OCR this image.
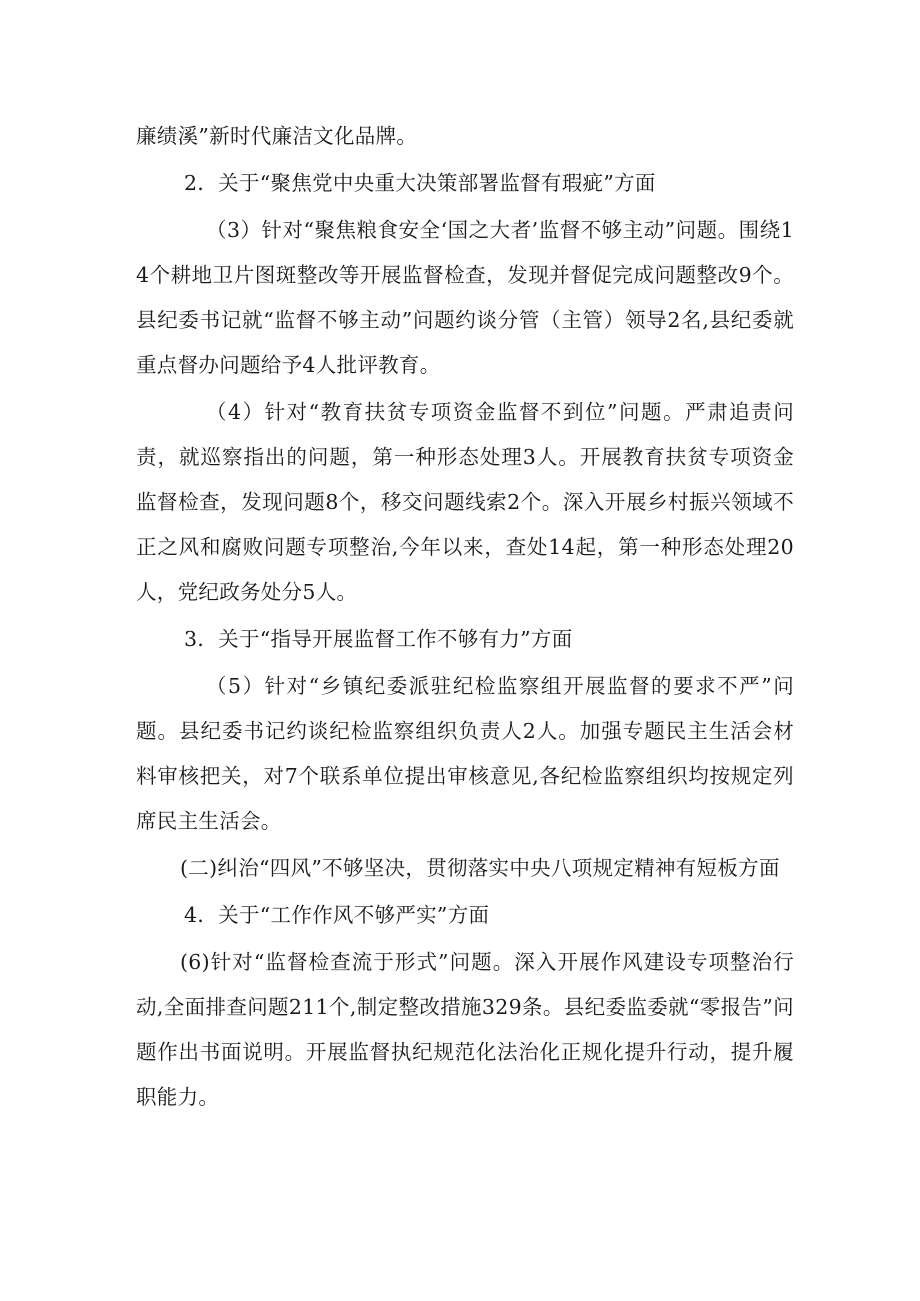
廉绩溪”新时代廉洁文化品牌。

2．关于“聚焦党中央重大决策部署监督有瑕疵”方面

（3）针对“聚焦粮食安全‘国之大者’监督不够主动”问题。围绕14个耕地卫片图斑整改等开展监督检查，发现并督促完成问题整改9个。县纪委书记就“监督不够主动”问题约谈分管（主管）领导2名,县纪委就重点督办问题给予4人批评教育。

（4）针对“教育扶贫专项资金监督不到位”问题。严肃追责问责，就巡察指出的问题，第一种形态处理3人。开展教育扶贫专项资金监督检查，发现问题8个，移交问题线索2个。深入开展乡村振兴领域不正之风和腐败问题专项整治,今年以来，查处14起，第一种形态处理20人，党纪政务处分5人。

3．关于“指导开展监督工作不够有力”方面

（5）针对“乡镇纪委派驻纪检监察组开展监督的要求不严”问题。县纪委书记约谈纪检监察组织负责人2人。加强专题民主生活会材料审核把关，对7个联系单位提出审核意见,各纪检监察组织均按规定列席民主生活会。

(二)纠治“四风”不够坚决，贯彻落实中央八项规定精神有短板方面

4．关于“工作作风不够严实”方面

(6)针对“监督检查流于形式”问题。深入开展作风建设专项整治行动,全面排查问题211个,制定整改措施329条。县纪委监委就“零报告”问题作出书面说明。开展监督执纪规范化法治化正规化提升行动，提升履职能力。
